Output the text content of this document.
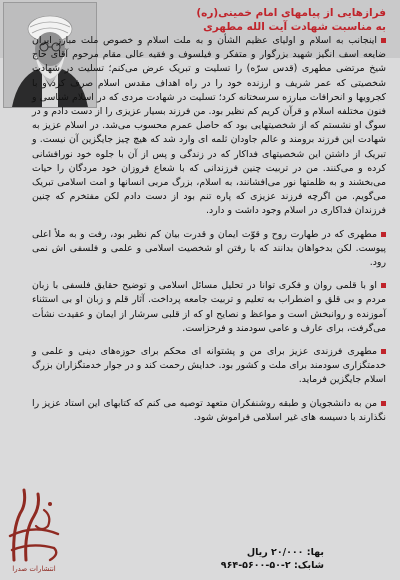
فرازهایی از پیامهای امام خمینی(ره)
به مناسبت شهادت آیت الله مطهری

اینجانب به اسلام و اولیای عظیم الشأن و به ملت اسلام و خصوص ملت مبارز ایران ضایعه اسف انگیز شهید بزرگوار و متفکر و فیلسوف و فقیه عالی مقام مرحوم آقای حاج شیخ مرتضی مطهری (قدس سرّه) را تسلیت و تبریک عرض می‌کنم؛ تسلیت در شهادت شخصیتی که عمر شریف و ارزنده خود را در راه اهداف مقدس اسلام صرف کرد و با کجرویها و انحرافات مبارزه سرسختانه کرد؛ تسلیت در شهادت مردی که در اسلام شناسی و فنون مختلفه اسلام و قرآن کریم کم نظیر بود. من فرزند بسیار عزیزی را از دست دادم و در سوگ او نشستم که از شخصیتهایی بود که حاصل عمرم محسوب می‌شد. در اسلام عزیز به شهادت این فرزند برومند و عالم جاودان ثلمه ای وارد شد که هیچ چیز جایگزین آن نیست. و تبریک از داشتن این شخصیتهای فداکار که در زندگی و پس از آن با جلوه خود نورافشانی کرده و می‌کنند. من در تربیت چنین فرزندانی که با شعاع فروزان خود مردگان را حیات می‌بخشند و به ظلمتها نور می‌افشانند، به اسلام، بزرگ مربی انسانها و امت اسلامی تبریک می‌گویم. من اگرچه فرزند عزیزی که پاره تنم بود از دست دادم لکن مفتخرم که چنین فرزندان فداکاری در اسلام وجود داشت و دارد.

مطهری که در طهارت روح و قوّت ایمان و قدرت بیان کم نظیر بود، رفت و به ملأ اعلی پیوست. لکن بدخواهان بدانند که با رفتن او شخصیت اسلامی و علمی و فلسفی اش نمی رود.

او با قلمی روان و فکری توانا در تحلیل مسائل اسلامی و توضیح حقایق فلسفی با زبان مردم و بی قلق و اضطراب به تعلیم و تربیت جامعه پرداخت. آثار قلم و زبان او بی استثناء آموزنده و روانبخش است و مواعظ و نصایح او که از قلبی سرشار از ایمان و عقیدت نشأت می‌گرفت، برای عارف و عامی سودمند و فرحزاست.

مطهری فرزندی عزیز برای من و پشتوانه ای محکم برای حوزه‌های دینی و علمی و خدمتگزاری سودمند برای ملت و کشور بود. خدایش رحمت کند و در جوار خدمتگزاران بزرگ اسلام جایگزین فرماید.

من به دانشجویان و طبقه روشنفکران متعهد توصیه می کنم که کتابهای این استاد عزیز را نگذارند با دسیسه های غیر اسلامی فراموش شود.

انتشارات صدرا
بها: ۲۰/۰۰۰ ریال
شابک: ۲-۵۰-۵۶۰۰-۹۶۴
